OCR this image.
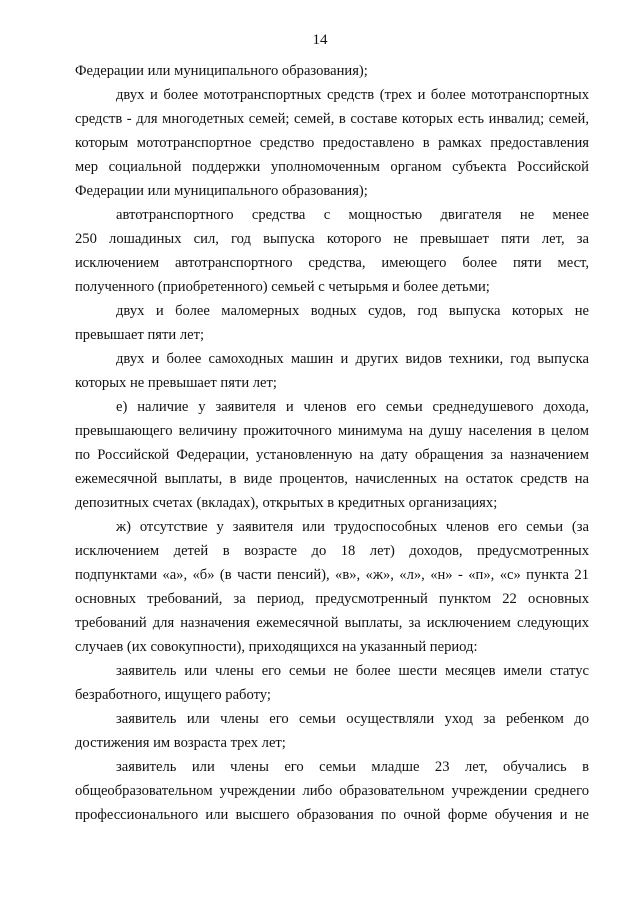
14
Федерации или муниципального образования);
двух и более мототранспортных средств (трех и более мототранспортных
средств - для многодетных семей; семей, в составе которых есть инвалид; семей,
которым мототранспортное средство предоставлено в рамках предоставления
мер социальной поддержки уполномоченным органом субъекта Российской
Федерации или муниципального образования);
автотранспортного средства с мощностью двигателя не менее
250 лошадиных сил, год выпуска которого не превышает пяти лет, за
исключением автотранспортного средства, имеющего более пяти мест,
полученного (приобретенного) семьей с четырьмя и более детьми;
двух и более маломерных водных судов, год выпуска которых не
превышает пяти лет;
двух и более самоходных машин и других видов техники, год выпуска
которых не превышает пяти лет;
е) наличие у заявителя и членов его семьи среднедушевого дохода,
превышающего величину прожиточного минимума на душу населения в целом
по Российской Федерации, установленную на дату обращения за назначением
ежемесячной выплаты, в виде процентов, начисленных на остаток средств на
депозитных счетах (вкладах), открытых в кредитных организациях;
ж) отсутствие у заявителя или трудоспособных членов его семьи (за
исключением детей в возрасте до 18 лет) доходов, предусмотренных
подпунктами «а», «б» (в части пенсий), «в», «ж», «л», «н» - «п», «с» пункта 21
основных требований, за период, предусмотренный пунктом 22 основных
требований для назначения ежемесячной выплаты, за исключением следующих
случаев (их совокупности), приходящихся на указанный период:
заявитель или члены его семьи не более шести месяцев имели статус
безработного, ищущего работу;
заявитель или члены его семьи осуществляли уход за ребенком до
достижения им возраста трех лет;
заявитель или члены его семьи младше 23 лет, обучались в
общеобразовательном учреждении либо образовательном учреждении среднего
профессионального или высшего образования по очной форме обучения и не
